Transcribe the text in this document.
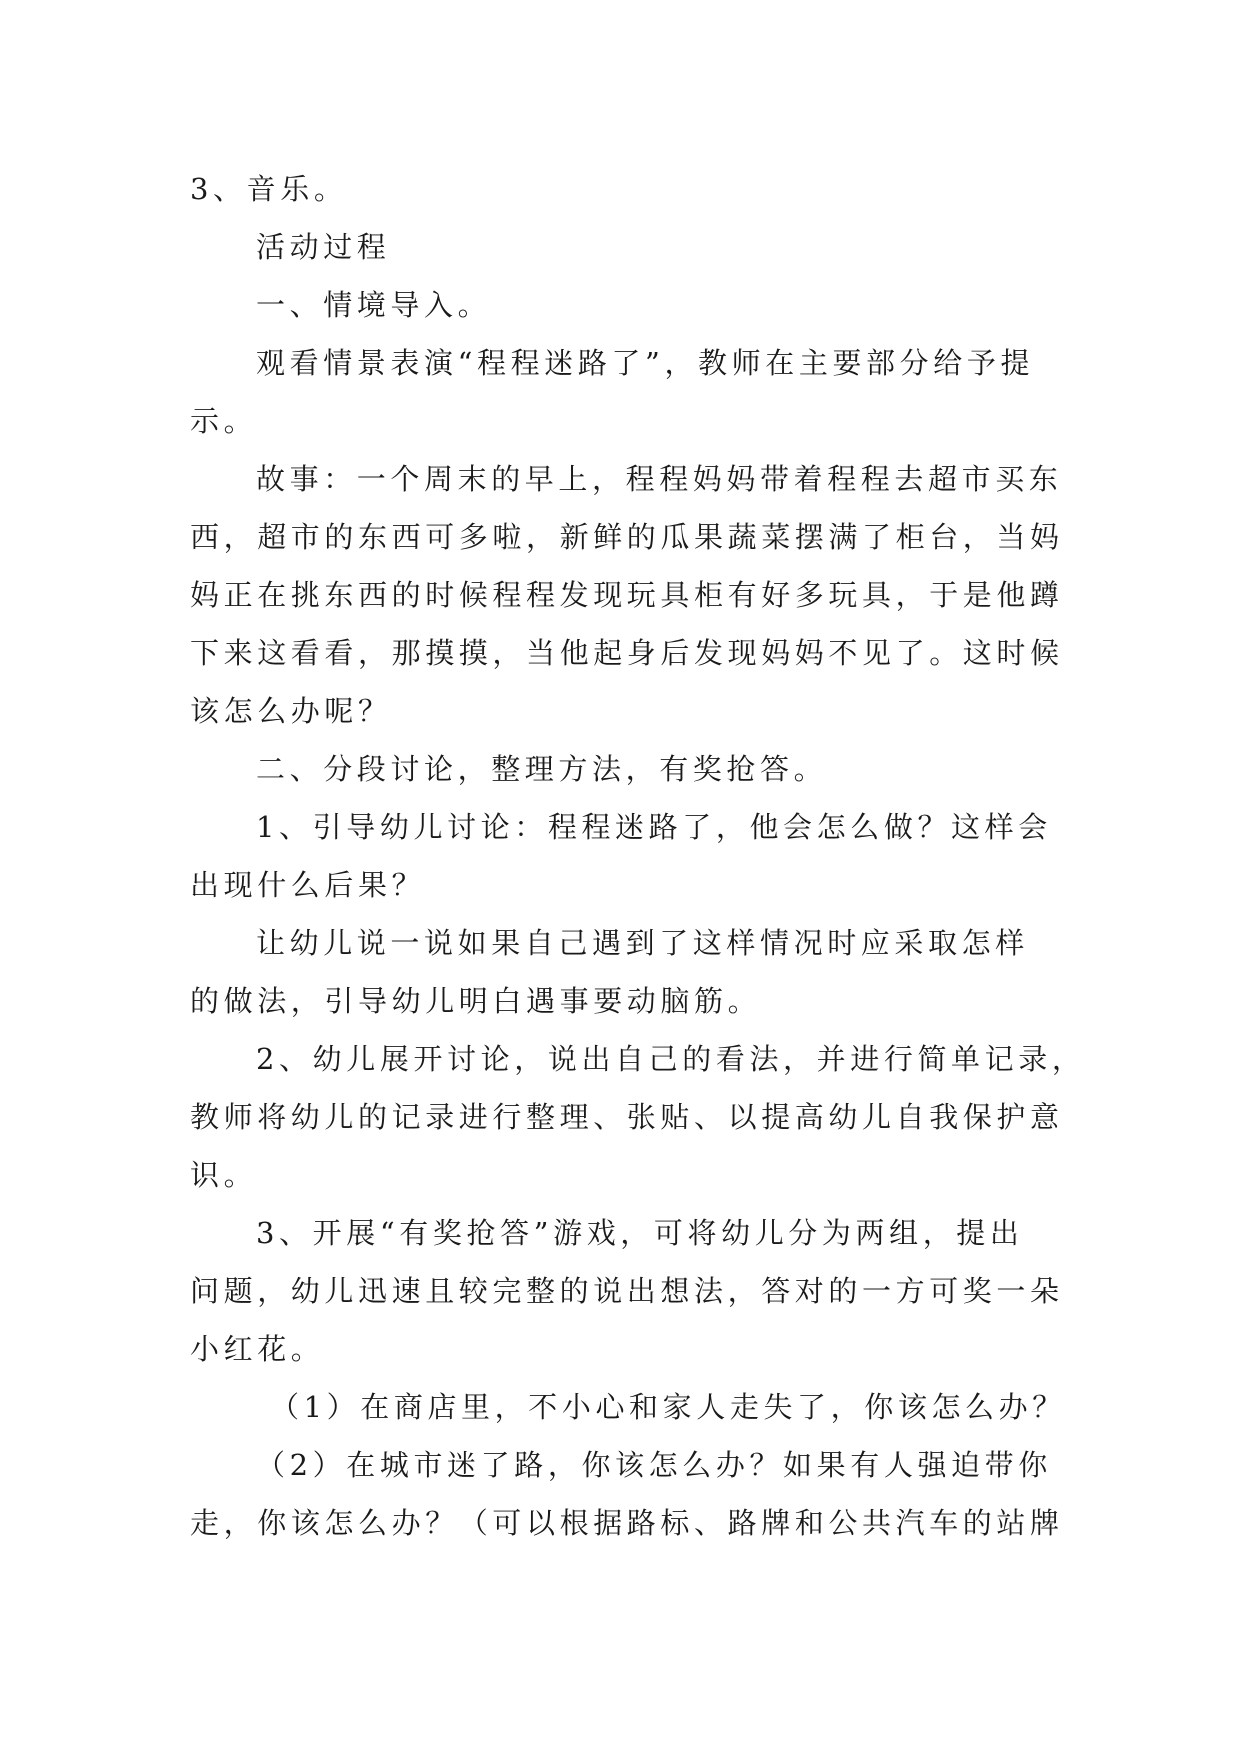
3、音乐。

活动过程

一、情境导入。

观看情景表演“程程迷路了”，教师在主要部分给予提

示。

故事：一个周末的早上，程程妈妈带着程程去超市买东

西，超市的东西可多啦，新鲜的瓜果蔬菜摆满了柜台，当妈

妈正在挑东西的时候程程发现玩具柜有好多玩具，于是他蹲

下来这看看，那摸摸，当他起身后发现妈妈不见了。这时候

该怎么办呢？

二、分段讨论，整理方法，有奖抢答。

1、引导幼儿讨论：程程迷路了，他会怎么做？这样会

出现什么后果？

让幼儿说一说如果自己遇到了这样情况时应采取怎样

的做法，引导幼儿明白遇事要动脑筋。

2、幼儿展开讨论，说出自己的看法，并进行简单记录，

教师将幼儿的记录进行整理、张贴、以提高幼儿自我保护意

识。

3、开展“有奖抢答”游戏，可将幼儿分为两组，提出

问题，幼儿迅速且较完整的说出想法，答对的一方可奖一朵

小红花。

（1）在商店里，不小心和家人走失了，你该怎么办？

（2）在城市迷了路，你该怎么办？如果有人强迫带你

走，你该怎么办？（可以根据路标、路牌和公共汽车的站牌
